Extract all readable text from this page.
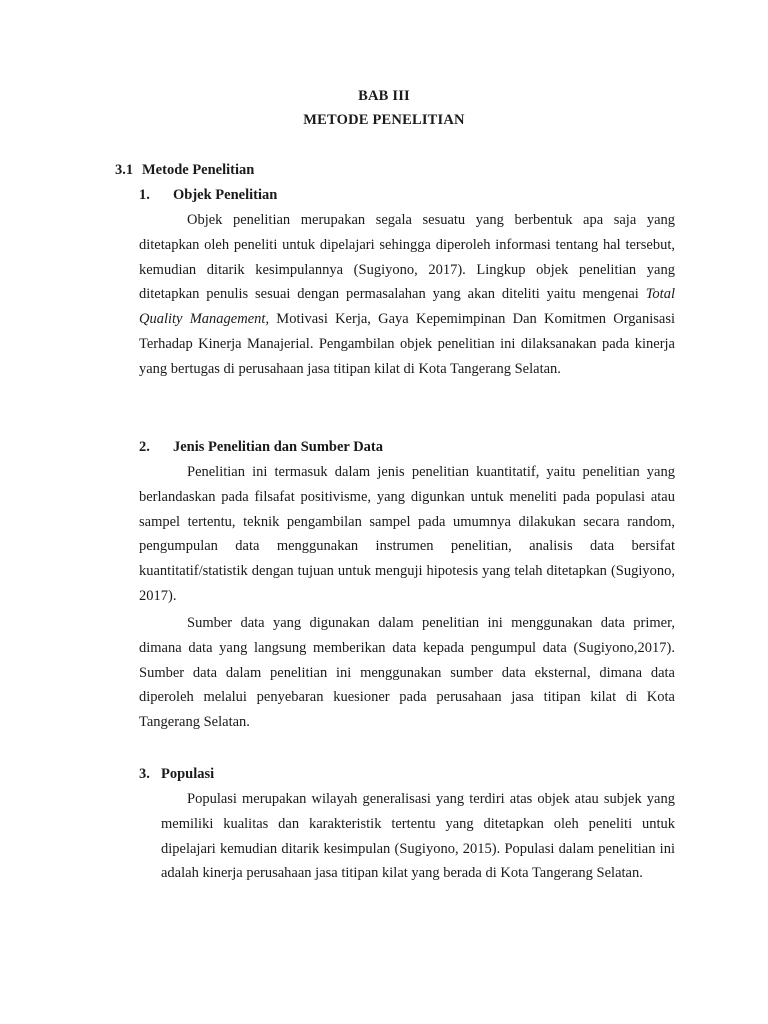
BAB III
METODE PENELITIAN
3.1 Metode Penelitian
1. Objek Penelitian
Objek penelitian merupakan segala sesuatu yang berbentuk apa saja yang ditetapkan oleh peneliti untuk dipelajari sehingga diperoleh informasi tentang hal tersebut, kemudian ditarik kesimpulannya (Sugiyono, 2017). Lingkup objek penelitian yang ditetapkan penulis sesuai dengan permasalahan yang akan diteliti yaitu mengenai Total Quality Management, Motivasi Kerja, Gaya Kepemimpinan Dan Komitmen Organisasi Terhadap Kinerja Manajerial. Pengambilan objek penelitian ini dilaksanakan pada kinerja yang bertugas di perusahaan jasa titipan kilat di Kota Tangerang Selatan.
2. Jenis Penelitian dan Sumber Data
Penelitian ini termasuk dalam jenis penelitian kuantitatif, yaitu penelitian yang berlandaskan pada filsafat positivisme, yang digunkan untuk meneliti pada populasi atau sampel tertentu, teknik pengambilan sampel pada umumnya dilakukan secara random, pengumpulan data menggunakan instrumen penelitian, analisis data bersifat kuantitatif/statistik dengan tujuan untuk menguji hipotesis yang telah ditetapkan (Sugiyono, 2017).
Sumber data yang digunakan dalam penelitian ini menggunakan data primer, dimana data yang langsung memberikan data kepada pengumpul data (Sugiyono,2017). Sumber data dalam penelitian ini menggunakan sumber data eksternal, dimana data diperoleh melalui penyebaran kuesioner pada perusahaan jasa titipan kilat di Kota Tangerang Selatan.
3. Populasi
Populasi merupakan wilayah generalisasi yang terdiri atas objek atau subjek yang memiliki kualitas dan karakteristik tertentu yang ditetapkan oleh peneliti untuk dipelajari kemudian ditarik kesimpulan (Sugiyono, 2015). Populasi dalam penelitian ini adalah kinerja perusahaan jasa titipan kilat yang berada di Kota Tangerang Selatan.
